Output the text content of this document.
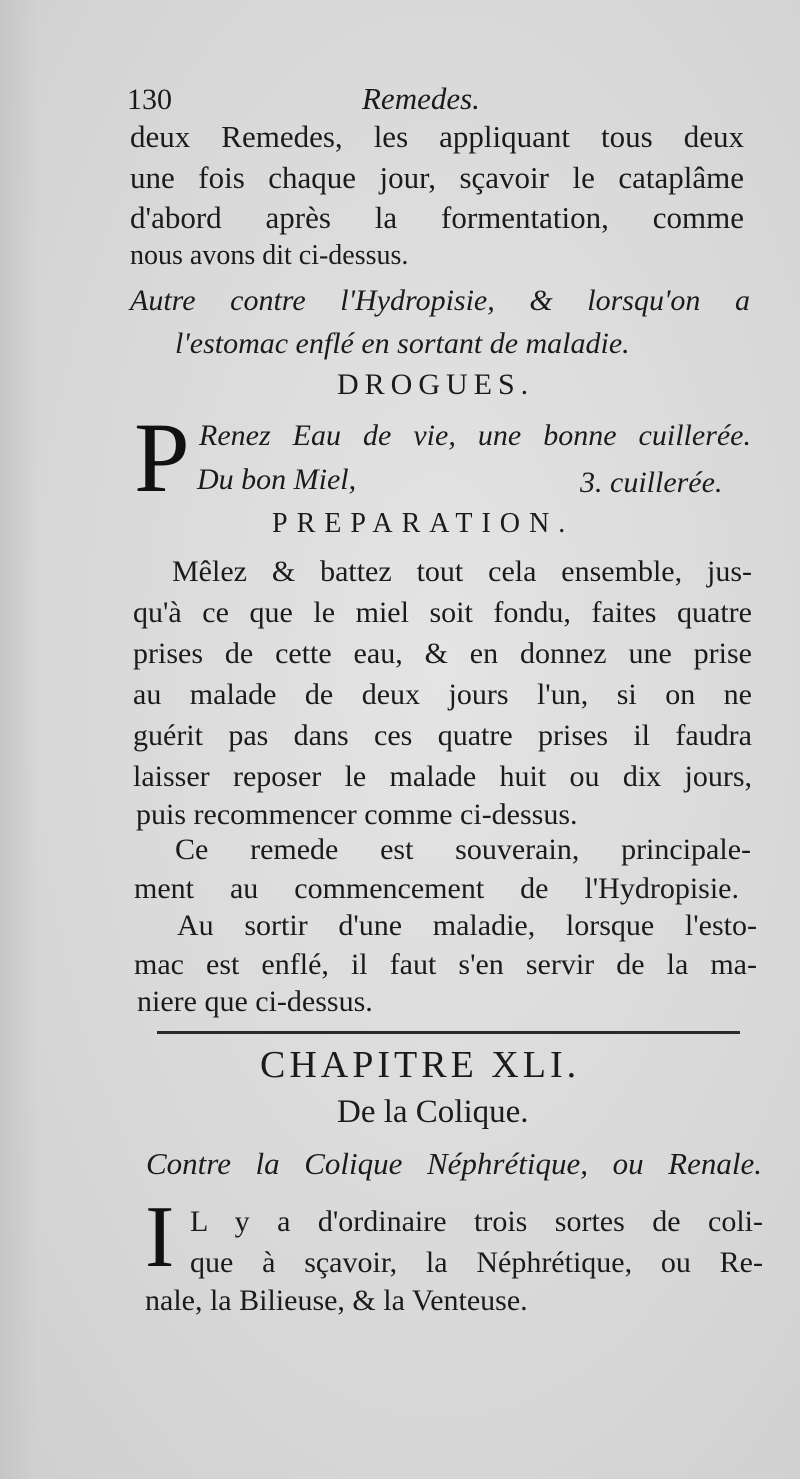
130	Remedes.
deux Remedes, les appliquant tous deux
une fois chaque jour, sçavoir le cataplâme
d'abord après la formentation, comme
nous avons dit ci-dessus.
Autre contre l'Hydropisie, & lorsqu'on a
l'estomac enflé en sortant de maladie.
DROGUES.
P Renez Eau de vie, une bonne cuillerée.
Du bon Miel,	3. cuillerée.
PREPARATION.
Mêlez & battez tout cela ensemble, jus-
qu'à ce que le miel soit fondu, faites quatre
prises de cette eau, & en donnez une prise
au malade de deux jours l'un, si on ne
guérit pas dans ces quatre prises il faudra
laisser reposer le malade huit ou dix jours,
puis recommencer comme ci-dessus.
Ce remede est souverain, principale-
ment au commencement de l'Hydropisie.
Au sortir d'une maladie, lorsque l'esto-
mac est enflé, il faut s'en servir de la ma-
niere que ci-dessus.
CHAPITRE XLI.
De la Colique.
Contre la Colique Néphrétique, ou Renale.
I L y a d'ordinaire trois sortes de coli-
que à sçavoir, la Néphrétique, ou Re-
nale, la Bilieuse, & la Venteuse.
